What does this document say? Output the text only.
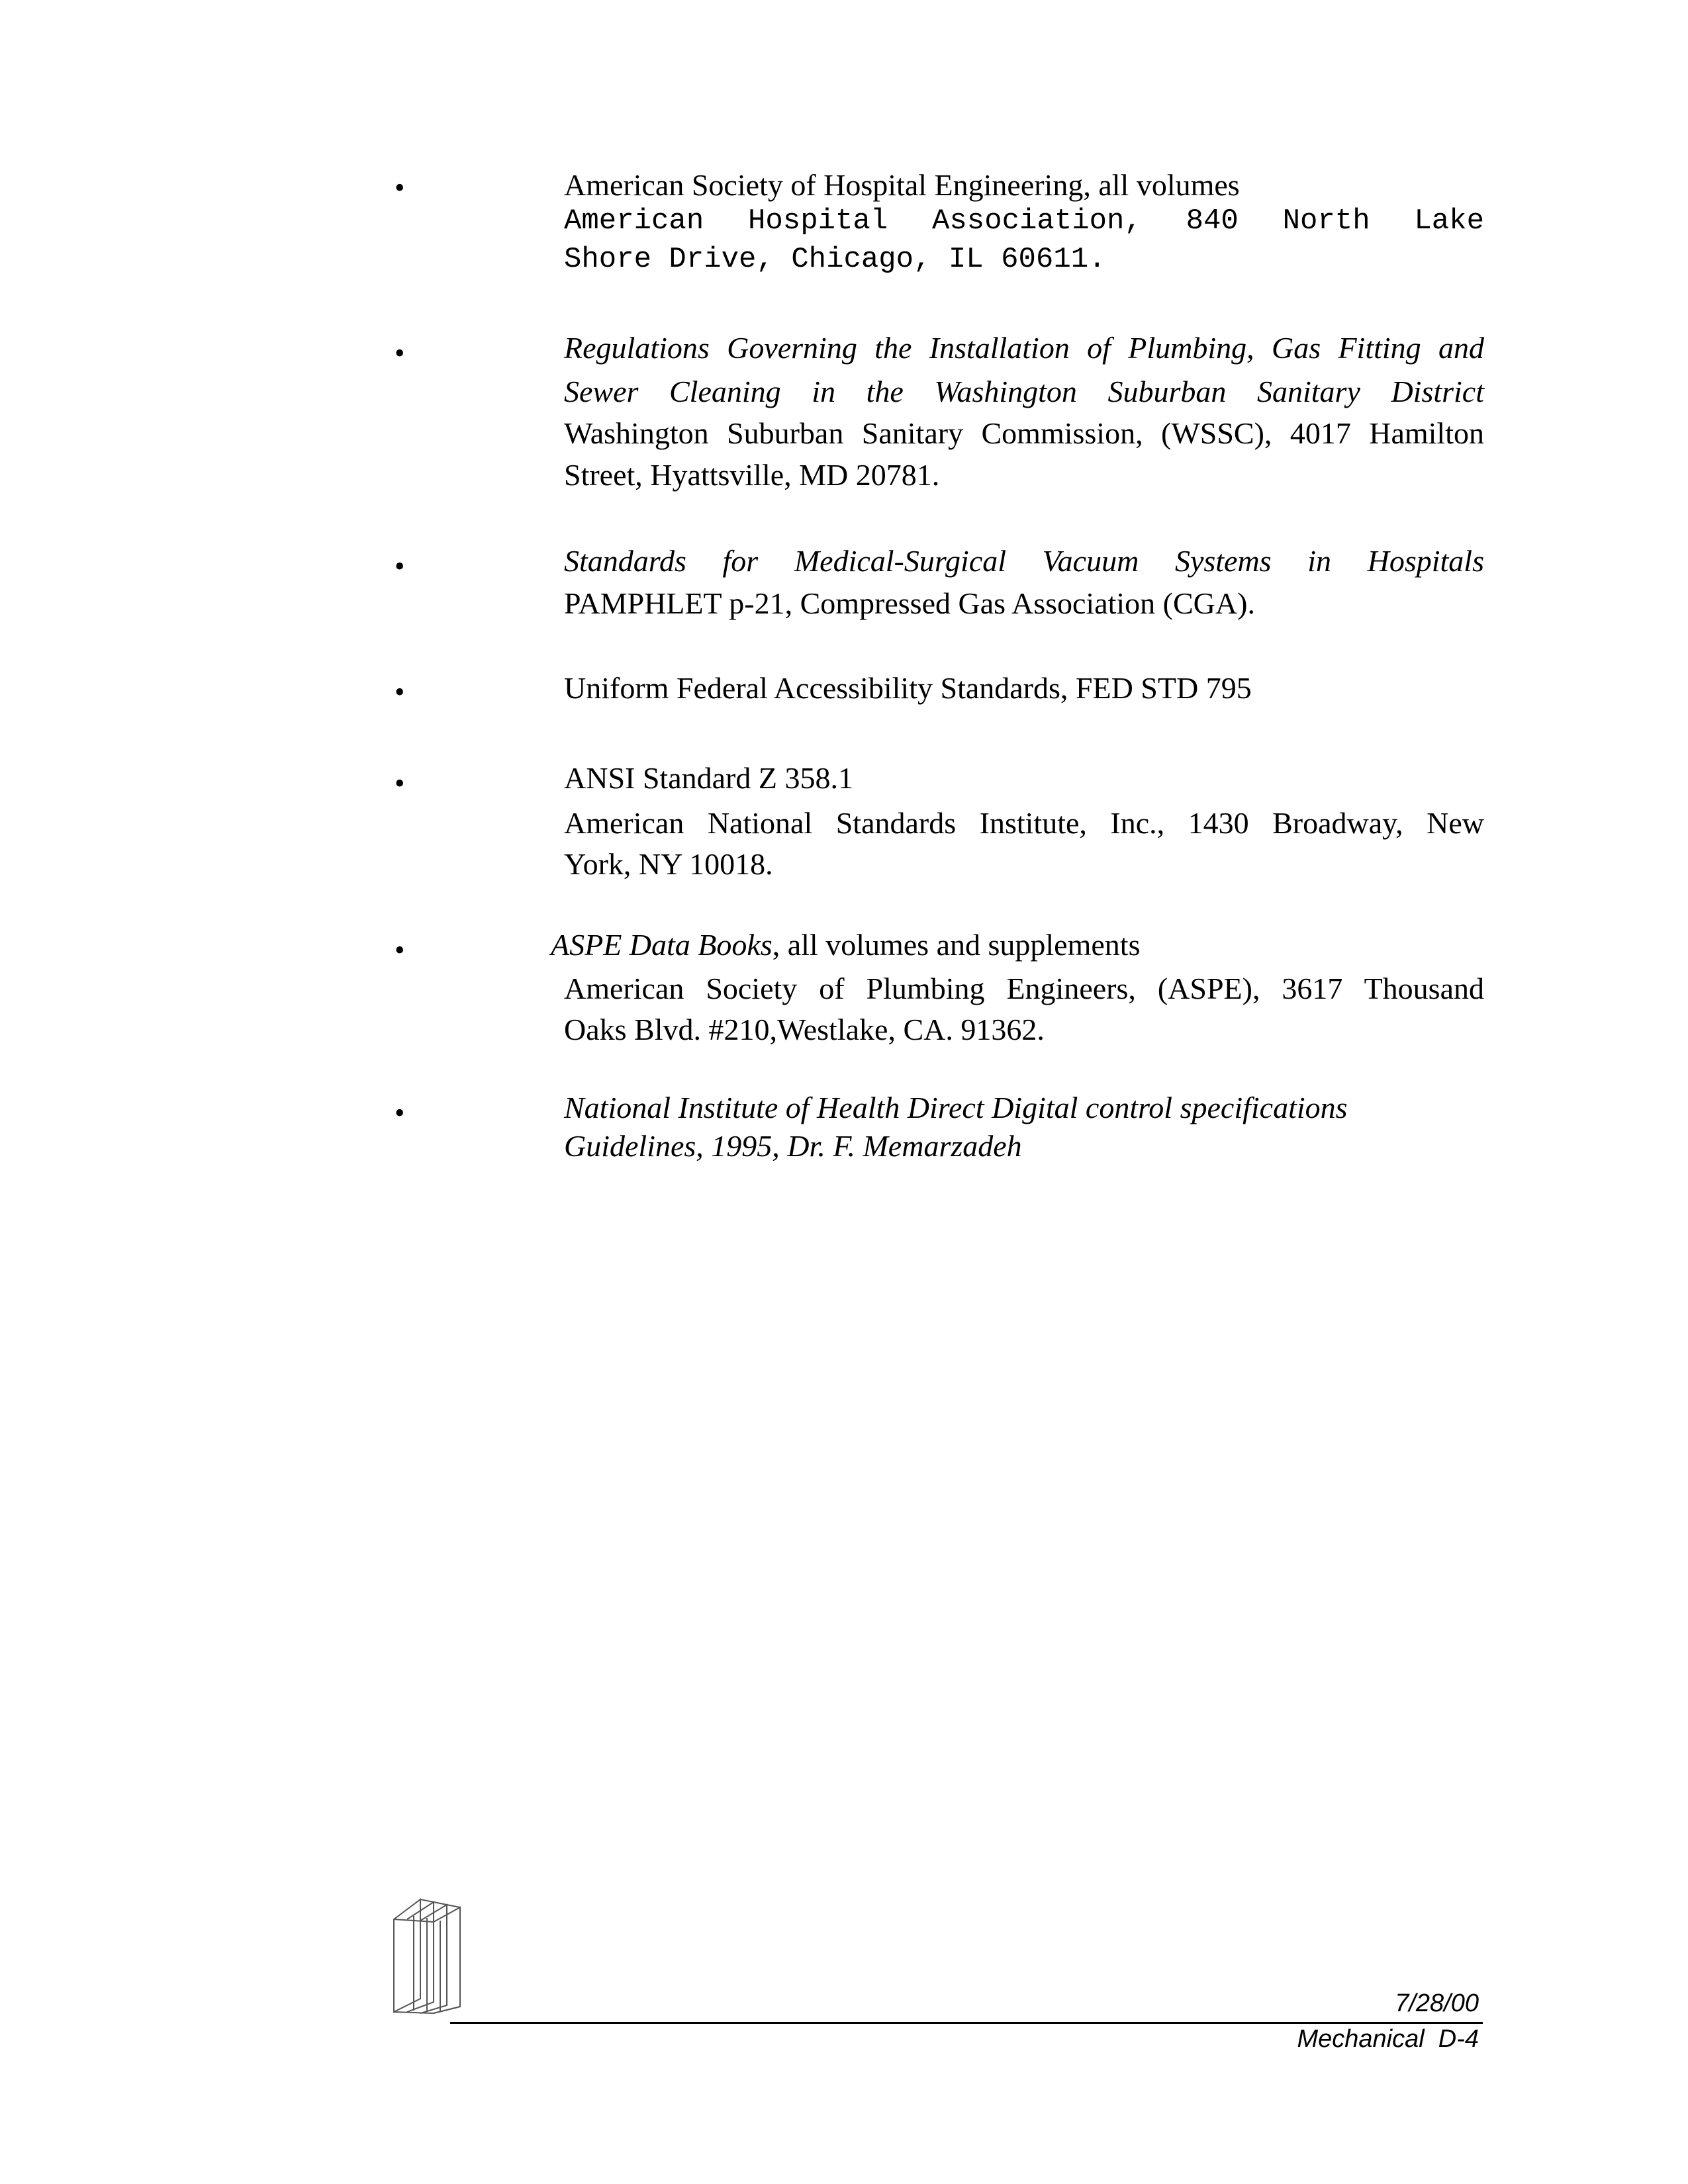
•	American Society of Hospital Engineering, all volumes
American Hospital Association, 840 North Lake
Shore Drive, Chicago, IL 60611.
•	Regulations Governing the Installation of Plumbing, Gas Fitting and
Sewer Cleaning in the Washington Suburban Sanitary District
Washington Suburban Sanitary Commission, (WSSC), 4017 Hamilton
Street, Hyattsville, MD 20781.
•	Standards for Medical-Surgical Vacuum Systems in Hospitals
PAMPHLET p-21, Compressed Gas Association (CGA).
•	Uniform Federal Accessibility Standards, FED STD 795
•	ANSI Standard Z 358.1
American National Standards Institute, Inc., 1430 Broadway, New
York, NY 10018.
•	ASPE Data Books, all volumes and supplements
American Society of Plumbing Engineers, (ASPE), 3617 Thousand
Oaks Blvd. #210,Westlake, CA. 91362.
•	National Institute of Health Direct Digital control specifications
Guidelines, 1995, Dr. F. Memarzadeh
7/28/00
Mechanical  D-4
